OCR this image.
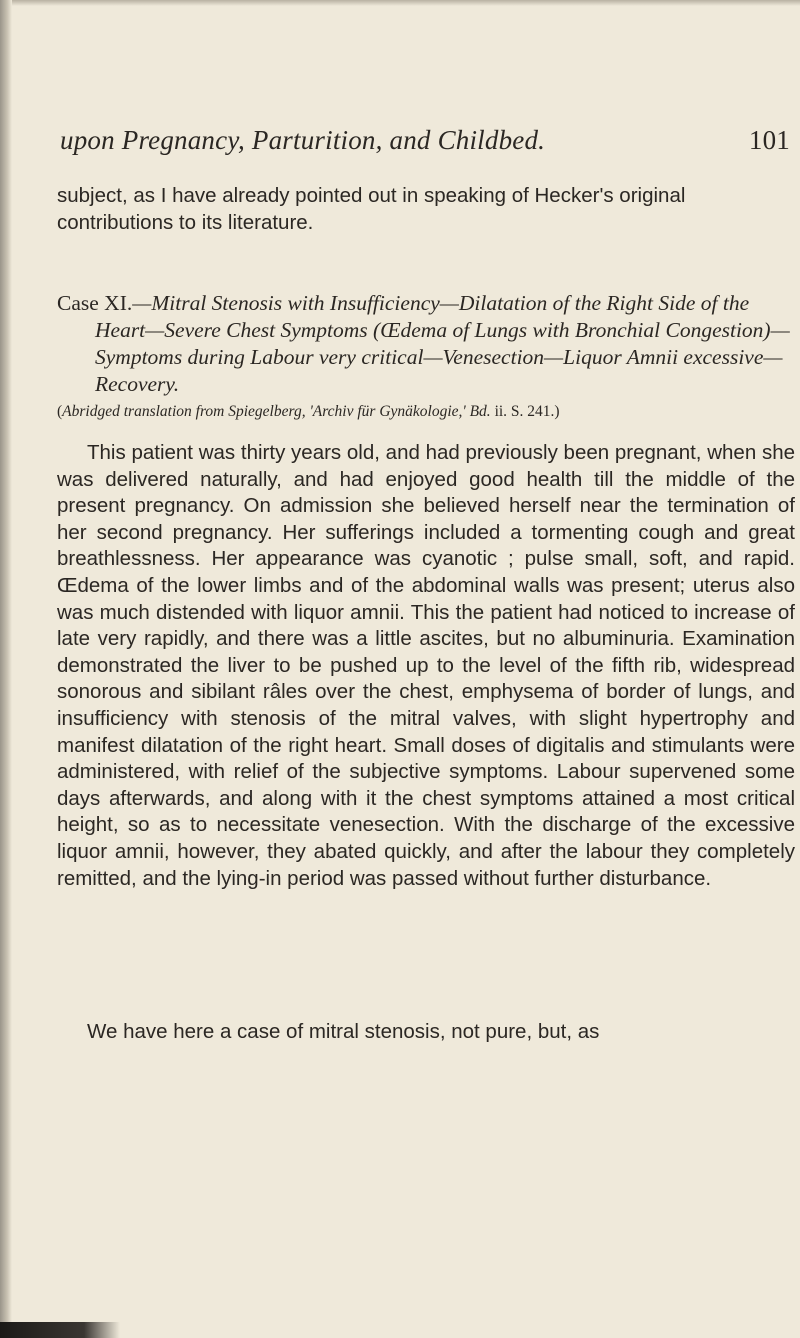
upon Pregnancy, Parturition, and Childbed.	101
subject, as I have already pointed out in speaking of Hecker's original contributions to its literature.
Case XI.—Mitral Stenosis with Insufficiency—Dilatation of the Right Side of the Heart—Severe Chest Symptoms (Œdema of Lungs with Bronchial Congestion)—Symptoms during Labour very critical—Venesection—Liquor Amnii excessive—Recovery.
(Abridged translation from Spiegelberg, 'Archiv für Gynäkologie,' Bd. ii. S. 241.)
This patient was thirty years old, and had previously been pregnant, when she was delivered naturally, and had enjoyed good health till the middle of the present pregnancy. On admission she believed herself near the termination of her second pregnancy. Her sufferings included a tormenting cough and great breathlessness. Her appearance was cyanotic ; pulse small, soft, and rapid. Œdema of the lower limbs and of the abdominal walls was present; uterus also was much distended with liquor amnii. This the patient had noticed to increase of late very rapidly, and there was a little ascites, but no albuminuria. Examination demonstrated the liver to be pushed up to the level of the fifth rib, widespread sonorous and sibilant râles over the chest, emphysema of border of lungs, and insufficiency with stenosis of the mitral valves, with slight hypertrophy and manifest dilatation of the right heart. Small doses of digitalis and stimulants were administered, with relief of the subjective symptoms. Labour supervened some days afterwards, and along with it the chest symptoms attained a most critical height, so as to necessitate venesection. With the discharge of the excessive liquor amnii, however, they abated quickly, and after the labour they completely remitted, and the lying-in period was passed without further disturbance.
We have here a case of mitral stenosis, not pure, but, as
